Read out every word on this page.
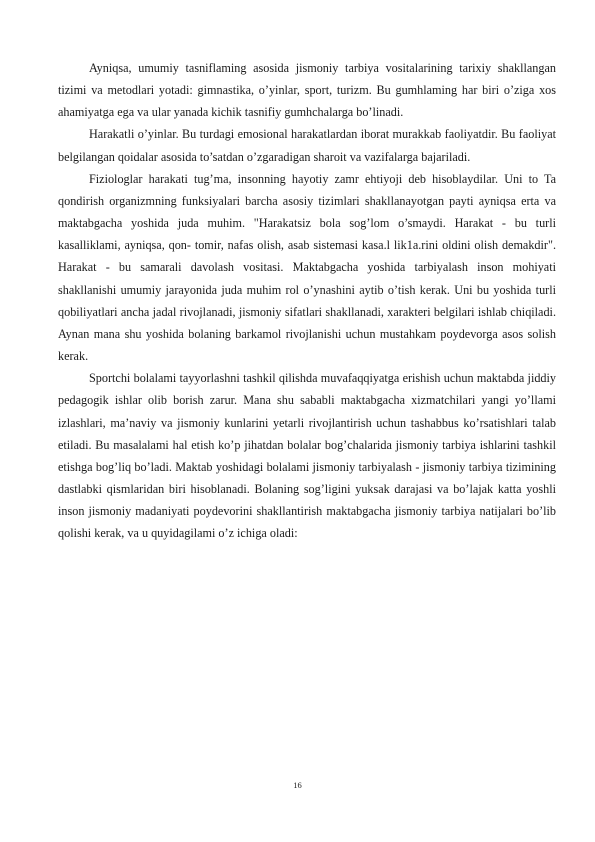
Ayniqsa, umumiy tasniflaming asosida jismoniy tarbiya vositalarining tarixiy shakllangan tizimi va metodlari yotadi: gimnastika, o’yinlar, sport, turizm. Bu gumhlaming har biri o’ziga xos ahamiyatga ega va ular yanada kichik tasnifiy gumhchalarga bo’linadi.

Harakatli o’yinlar. Bu turdagi emosional harakatlardan iborat murakkab faoliyatdir. Bu faoliyat belgilangan qoidalar asosida to’satdan o’zgaradigan sharoit va vazifalarga bajariladi.

Fiziologlar harakati tug’ma, insonning hayotiy zamr ehtiyoji deb hisoblaydilar. Uni to Ta qondirish organizmning funksiyalari barcha asosiy tizimlari shakllanayotgan payti ayniqsa erta va maktabgacha yoshida juda muhim. "Harakatsiz bola sog’lom o’smaydi. Harakat - bu turli kasalliklami, ayniqsa, qon- tomir, nafas olish, asab sistemasi kasa.l lik1a.rini oldini olish demakdir". Harakat - bu samarali davolash vositasi. Maktabgacha yoshida tarbiyalash inson mohiyati shakllanishi umumiy jarayonida juda muhim rol o’ynashini aytib o’tish kerak. Uni bu yoshida turli qobiliyatlari ancha jadal rivojlanadi, jismoniy sifatlari shakllanadi, xarakteri belgilari ishlab chiqiladi. Aynan mana shu yoshida bolaning barkamol rivojlanishi uchun mustahkam poydevorga asos solish kerak.

Sportchi bolalami tayyorlashni tashkil qilishda muvafaqqiyatga erishish uchun maktabda jiddiy pedagogik ishlar olib borish zarur. Mana shu sababli maktabgacha xizmatchilari yangi yo’llami izlashlari, ma’naviy va jismoniy kunlarini yetarli rivojlantirish uchun tashabbus ko’rsatishlari talab etiladi. Bu masalalami hal etish ko’p jihatdan bolalar bog’chalarida jismoniy tarbiya ishlarini tashkil etishga bog’liq bo’ladi. Maktab yoshidagi bolalami jismoniy tarbiyalash - jismoniy tarbiya tizimining dastlabki qismlaridan biri hisoblanadi. Bolaning sog’ligini yuksak darajasi va bo’lajak katta yoshli inson jismoniy madaniyati poydevorini shakllantirish maktabgacha jismoniy tarbiya natijalari bo’lib qolishi kerak, va u quyidagilami o’z ichiga oladi:

16
